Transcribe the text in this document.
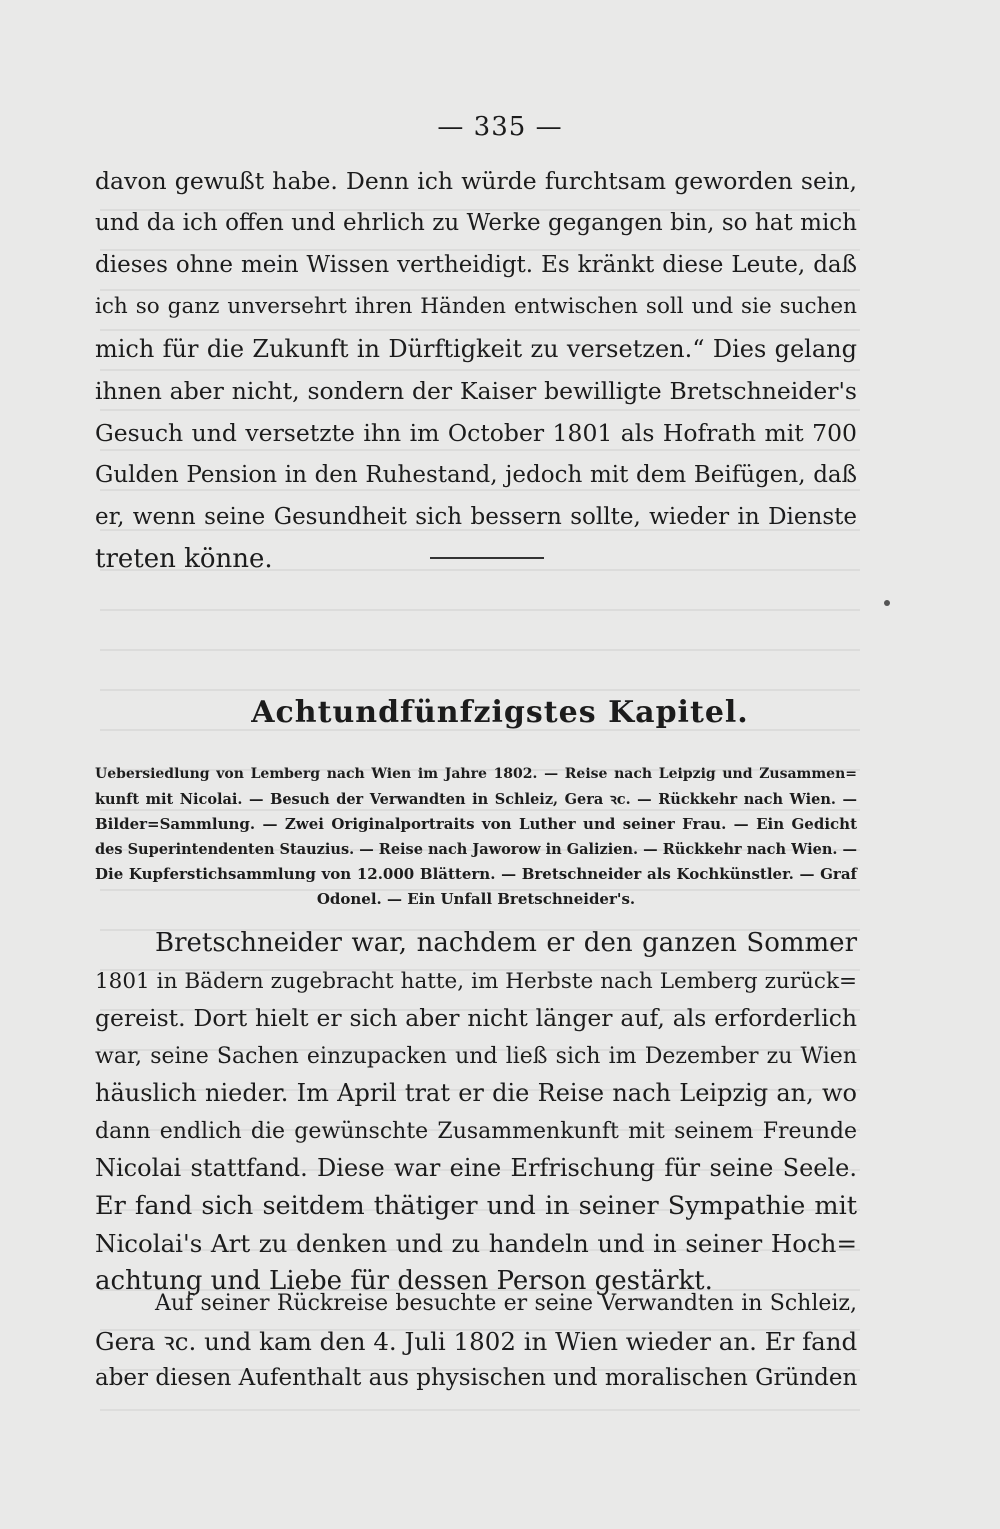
— 335 —
davon gewußt habe. Denn ich würde furchtsam geworden sein,
und da ich offen und ehrlich zu Werke gegangen bin, so hat mich
dieses ohne mein Wissen vertheidigt. Es kränkt diese Leute, daß
ich so ganz unversehrt ihren Händen entwischen soll und sie suchen
mich für die Zukunft in Dürftigkeit zu versetzen.“ Dies gelang
ihnen aber nicht, sondern der Kaiser bewilligte Bretschneider's
Gesuch und versetzte ihn im October 1801 als Hofrath mit 700
Gulden Pension in den Ruhestand, jedoch mit dem Beifügen, daß
er, wenn seine Gesundheit sich bessern sollte, wieder in Dienste
treten könne.
Achtundfünfzigstes Kapitel.
Uebersiedlung von Lemberg nach Wien im Jahre 1802. — Reise nach Leipzig und Zusammen=
kunft mit Nicolai. — Besuch der Verwandten in Schleiz, Gera ꝛc. — Rückkehr nach Wien. —
Bilder=Sammlung. — Zwei Originalportraits von Luther und seiner Frau. — Ein Gedicht
des Superintendenten Stauzius. — Reise nach Jaworow in Galizien. — Rückkehr nach Wien. —
Die Kupferstichsammlung von 12.000 Blättern. — Bretschneider als Kochkünstler. — Graf
Odonel. — Ein Unfall Bretschneider's.
Bretschneider war, nachdem er den ganzen Sommer
1801 in Bädern zugebracht hatte, im Herbste nach Lemberg zurück=
gereist. Dort hielt er sich aber nicht länger auf, als erforderlich
war, seine Sachen einzupacken und ließ sich im Dezember zu Wien
häuslich nieder. Im April trat er die Reise nach Leipzig an, wo
dann endlich die gewünschte Zusammenkunft mit seinem Freunde
Nicolai stattfand. Diese war eine Erfrischung für seine Seele.
Er fand sich seitdem thätiger und in seiner Sympathie mit
Nicolai's Art zu denken und zu handeln und in seiner Hoch=
achtung und Liebe für dessen Person gestärkt.
Auf seiner Rückreise besuchte er seine Verwandten in Schleiz,
Gera ꝛc. und kam den 4. Juli 1802 in Wien wieder an. Er fand
aber diesen Aufenthalt aus physischen und moralischen Gründen
